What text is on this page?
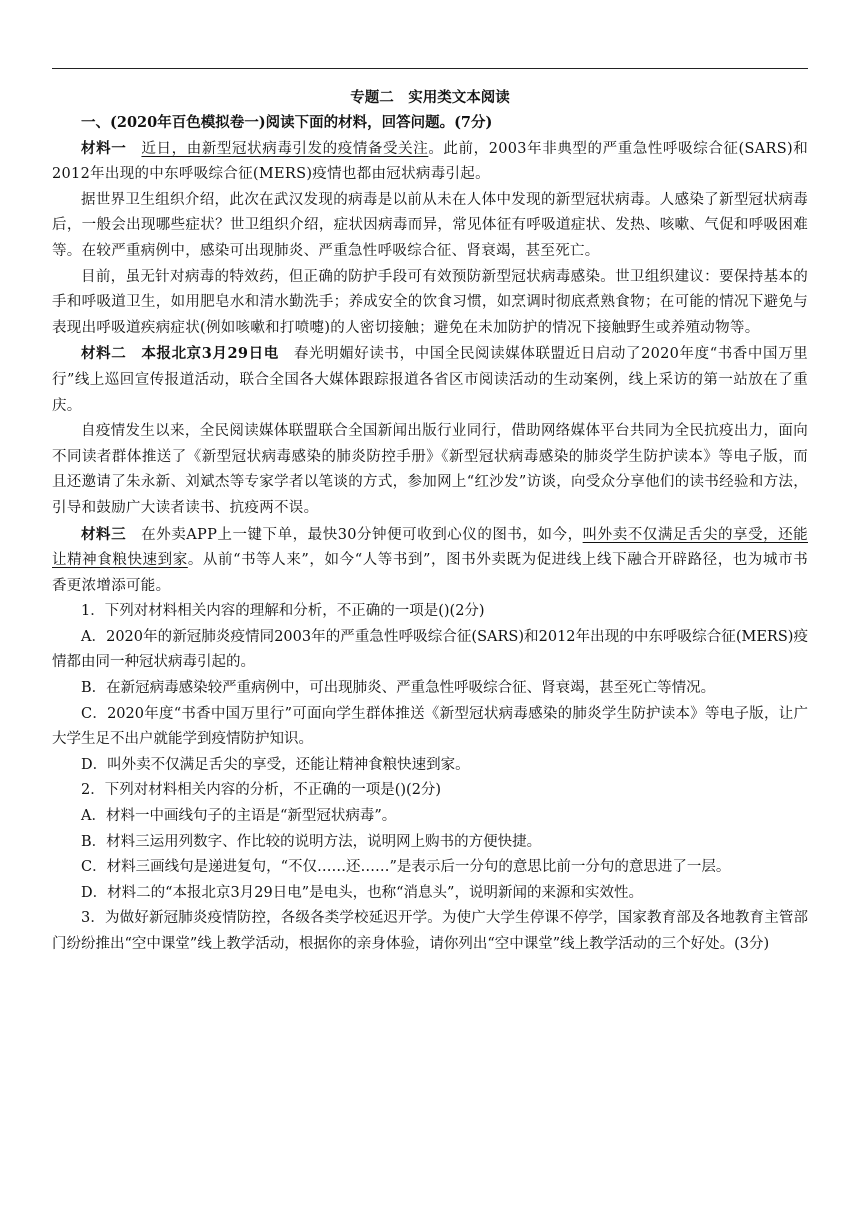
专题二　实用类文本阅读

一、(2020年百色模拟卷一)阅读下面的材料，回答问题。(7分)

材料一　 近日，由新型冠状病毒引发的疫情备受关注。此前，2003年非典型的严重急性呼吸综合征(SARS)和2012年出现的中东呼吸综合征(MERS)疫情也都由冠状病毒引起。

据世界卫生组织介绍，此次在武汉发现的病毒是以前从未在人体中发现的新型冠状病毒。人感染了新型冠状病毒后，一般会出现哪些症状？世卫组织介绍，症状因病毒而异，常见体征有呼吸道症状、发热、咳嗽、气促和呼吸困难等。在较严重病例中，感染可出现肺炎、严重急性呼吸综合征、肾衰竭，甚至死亡。

目前，虽无针对病毒的特效药，但正确的防护手段可有效预防新型冠状病毒感染。世卫组织建议：要保持基本的手和呼吸道卫生，如用肥皂水和清水勤洗手；养成安全的饮食习惯，如烹调时彻底煮熟食物；在可能的情况下避免与表现出呼吸道疾病症状(例如咳嗽和打喷嚏)的人密切接触；避免在未加防护的情况下接触野生或养殖动物等。

材料二　本报北京3月29日电　春光明媚好读书，中国全民阅读媒体联盟近日启动了2020年度“书香中国万里行”线上巡回宣传报道活动，联合全国各大媒体跟踪报道各省区市阅读活动的生动案例，线上采访的第一站放在了重庆。

自疫情发生以来，全民阅读媒体联盟联合全国新闻出版行业同行，借助网络媒体平台共同为全民抗疫出力，面向不同读者群体推送了《新型冠状病毒感染的肺炎防控手册》《新型冠状病毒感染的肺炎学生防护读本》等电子版，而且还邀请了朱永新、刘斌杰等专家学者以笔谈的方式，参加网上“红沙发”访谈，向受众分享他们的读书经验和方法，引导和鼓励广大读者读书、抗疫两不误。

材料三　在外卖APP上一键下单，最快30分钟便可收到心仪的图书，如今，叫外卖不仅满足舌尖的享受，还能让精神食粮快速到家。从前“书等人来”，如今“人等书到”，图书外卖既为促进线上线下融合开辟路径，也为城市书香更浓增添可能。

1．下列对材料相关内容的理解和分析，不正确的一项是()(2分)

A．2020年的新冠肺炎疫情同2003年的严重急性呼吸综合征(SARS)和2012年出现的中东呼吸综合征(MERS)疫情都由同一种冠状病毒引起的。

B．在新冠病毒感染较严重病例中，可出现肺炎、严重急性呼吸综合征、肾衰竭，甚至死亡等情况。

C．2020年度“书香中国万里行”可面向学生群体推送《新型冠状病毒感染的肺炎学生防护读本》等电子版，让广大学生足不出户就能学到疫情防护知识。

D．叫外卖不仅满足舌尖的享受，还能让精神食粮快速到家。

2．下列对材料相关内容的分析，不正确的一项是()(2分)

A．材料一中画线句子的主语是“新型冠状病毒”。

B．材料三运用列数字、作比较的说明方法，说明网上购书的方便快捷。

C．材料三画线句是递进复句，“不仅……还……”是表示后一分句的意思比前一分句的意思进了一层。

D．材料二的“本报北京3月29日电”是电头，也称“消息头”，说明新闻的来源和实效性。

3．为做好新冠肺炎疫情防控，各级各类学校延迟开学。为使广大学生停课不停学，国家教育部及各地教育主管部门纷纷推出“空中课堂”线上教学活动，根据你的亲身体验，请你列出“空中课堂”线上教学活动的三个好处。(3分)
